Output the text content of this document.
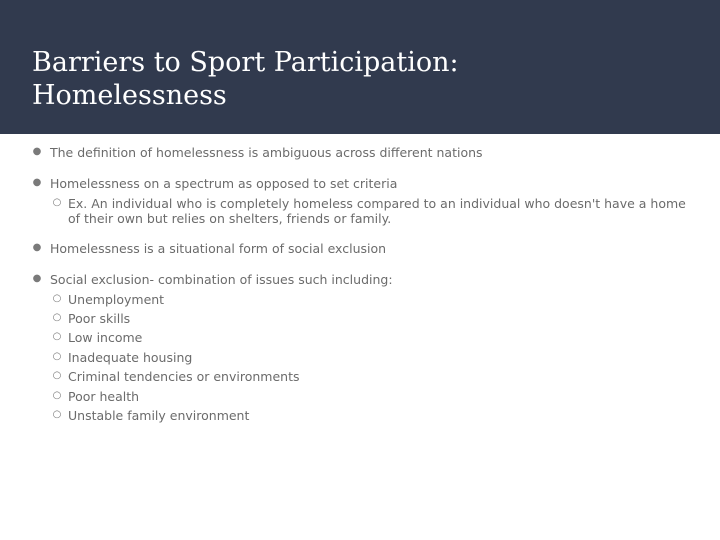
Barriers to Sport Participation:
Homelessness
● The definition of homelessness is ambiguous across different nations

● Homelessness on a spectrum as opposed to set criteria

○ Ex. An individual who is completely homeless compared to an individual who doesn't have a home of their own but relies on shelters, friends or family.

● Homelessness is a situational form of social exclusion

● Social exclusion- combination of issues such including:

○ Unemployment

○ Poor skills

○ Low income

○ Inadequate housing

○ Criminal tendencies or environments

○ Poor health

○ Unstable family environment
